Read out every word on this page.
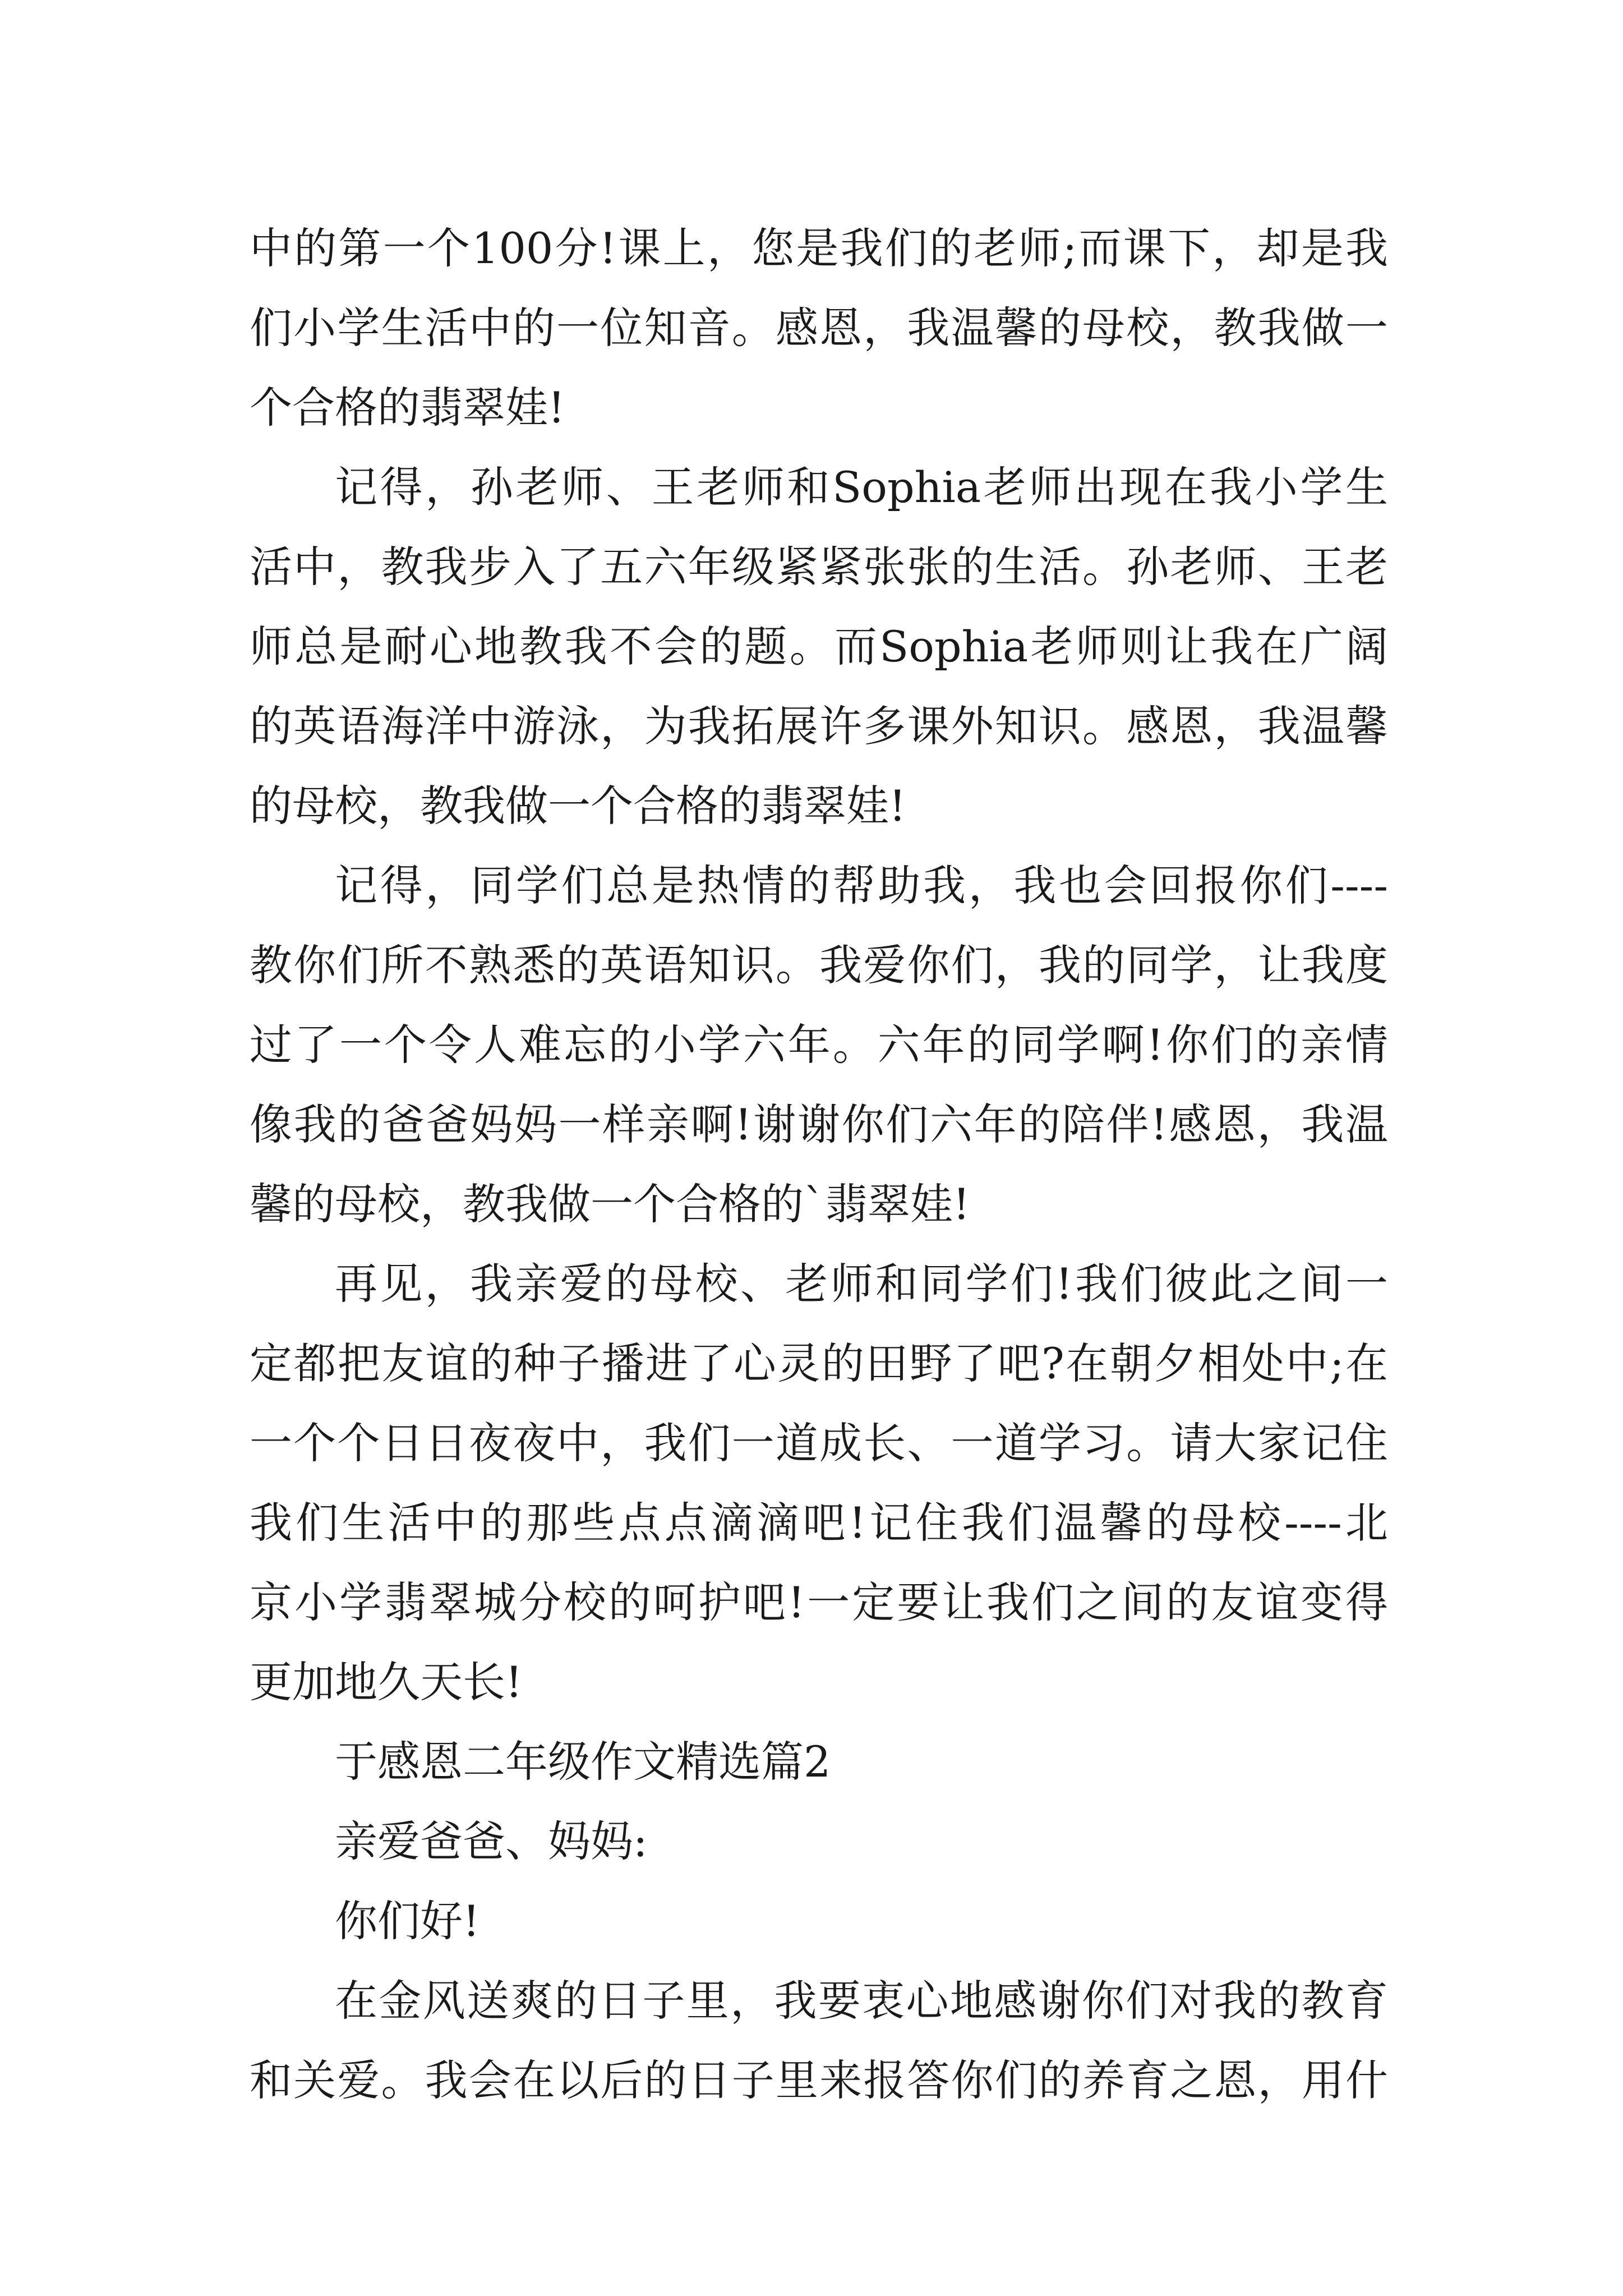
中的第一个100分!课上，您是我们的老师;而课下，却是我
们小学生活中的一位知音。感恩，我温馨的母校，教我做一
个合格的翡翠娃!
记得，孙老师、王老师和Sophia老师出现在我小学生
活中，教我步入了五六年级紧紧张张的生活。孙老师、王老
师总是耐心地教我不会的题。而Sophia老师则让我在广阔
的英语海洋中游泳，为我拓展许多课外知识。感恩，我温馨
的母校，教我做一个合格的翡翠娃!
记得，同学们总是热情的帮助我，我也会回报你们----
教你们所不熟悉的英语知识。我爱你们，我的同学，让我度
过了一个令人难忘的小学六年。六年的同学啊!你们的亲情
像我的爸爸妈妈一样亲啊!谢谢你们六年的陪伴!感恩，我温
馨的母校，教我做一个合格的`翡翠娃!
再见，我亲爱的母校、老师和同学们!我们彼此之间一
定都把友谊的种子播进了心灵的田野了吧?在朝夕相处中;在
一个个日日夜夜中，我们一道成长、一道学习。请大家记住
我们生活中的那些点点滴滴吧!记住我们温馨的母校----北
京小学翡翠城分校的呵护吧!一定要让我们之间的友谊变得
更加地久天长!
于感恩二年级作文精选篇2
亲爱爸爸、妈妈:
你们好!
在金风送爽的日子里，我要衷心地感谢你们对我的教育
和关爱。我会在以后的日子里来报答你们的养育之恩，用什
